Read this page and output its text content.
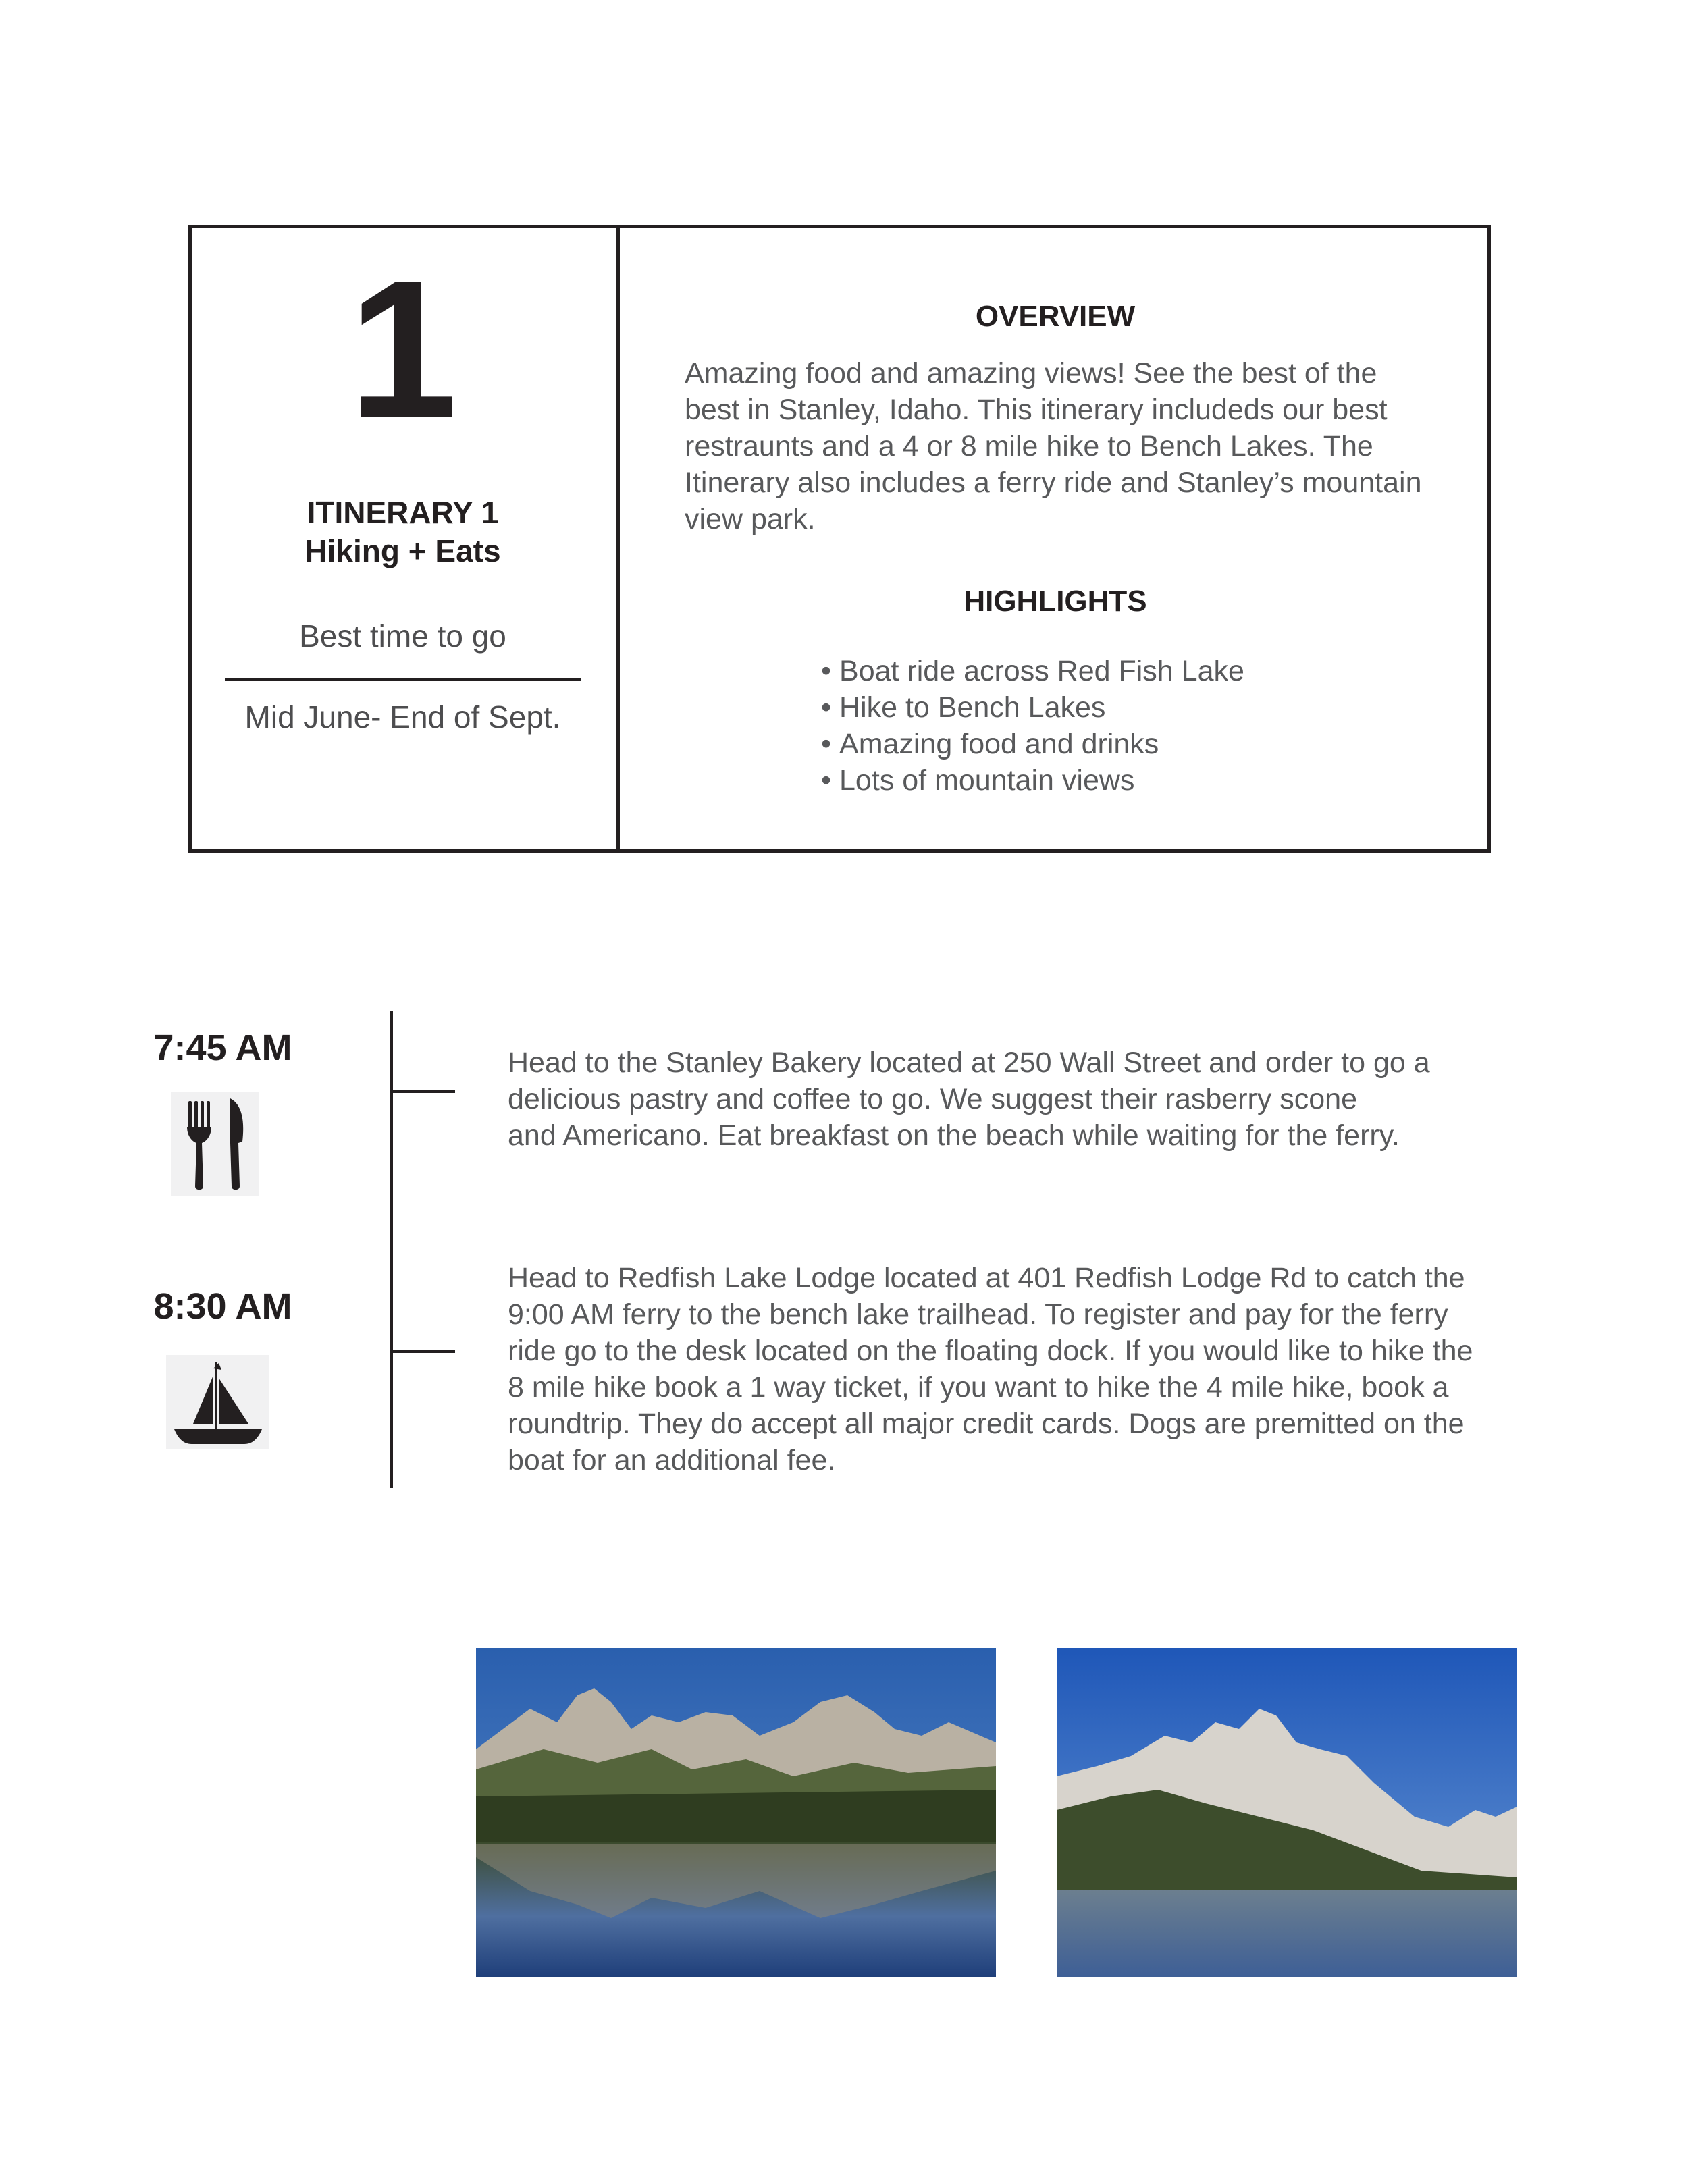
1
ITINERARY 1
Hiking + Eats
Best time to go
Mid June- End of Sept.
OVERVIEW
Amazing food and amazing views! See the best of the
best in Stanley, Idaho. This itinerary includeds our best
restraunts and a 4 or 8 mile hike to Bench Lakes. The
Itinerary also includes a ferry ride and Stanley’s mountain
view park.
HIGHLIGHTS
• Boat ride across Red Fish Lake
• Hike to Bench Lakes
• Amazing food and drinks
• Lots of mountain views
7:45 AM	Head to the Stanley Bakery located at 250 Wall Street and order to go a
delicious pastry and coffee to go. We suggest their rasberry scone
and Americano. Eat breakfast on the beach while waiting for the ferry.
8:30 AM
Head to Redfish Lake Lodge located at 401 Redfish Lodge Rd to catch the
9:00 AM ferry to the bench lake trailhead. To register and pay for the ferry
ride go to the desk located on the floating dock. If you would like to hike the
8 mile hike book a 1 way ticket, if you want to hike the 4 mile hike, book a
roundtrip. They do accept all major credit cards. Dogs are premitted on the
boat for an additional fee.
